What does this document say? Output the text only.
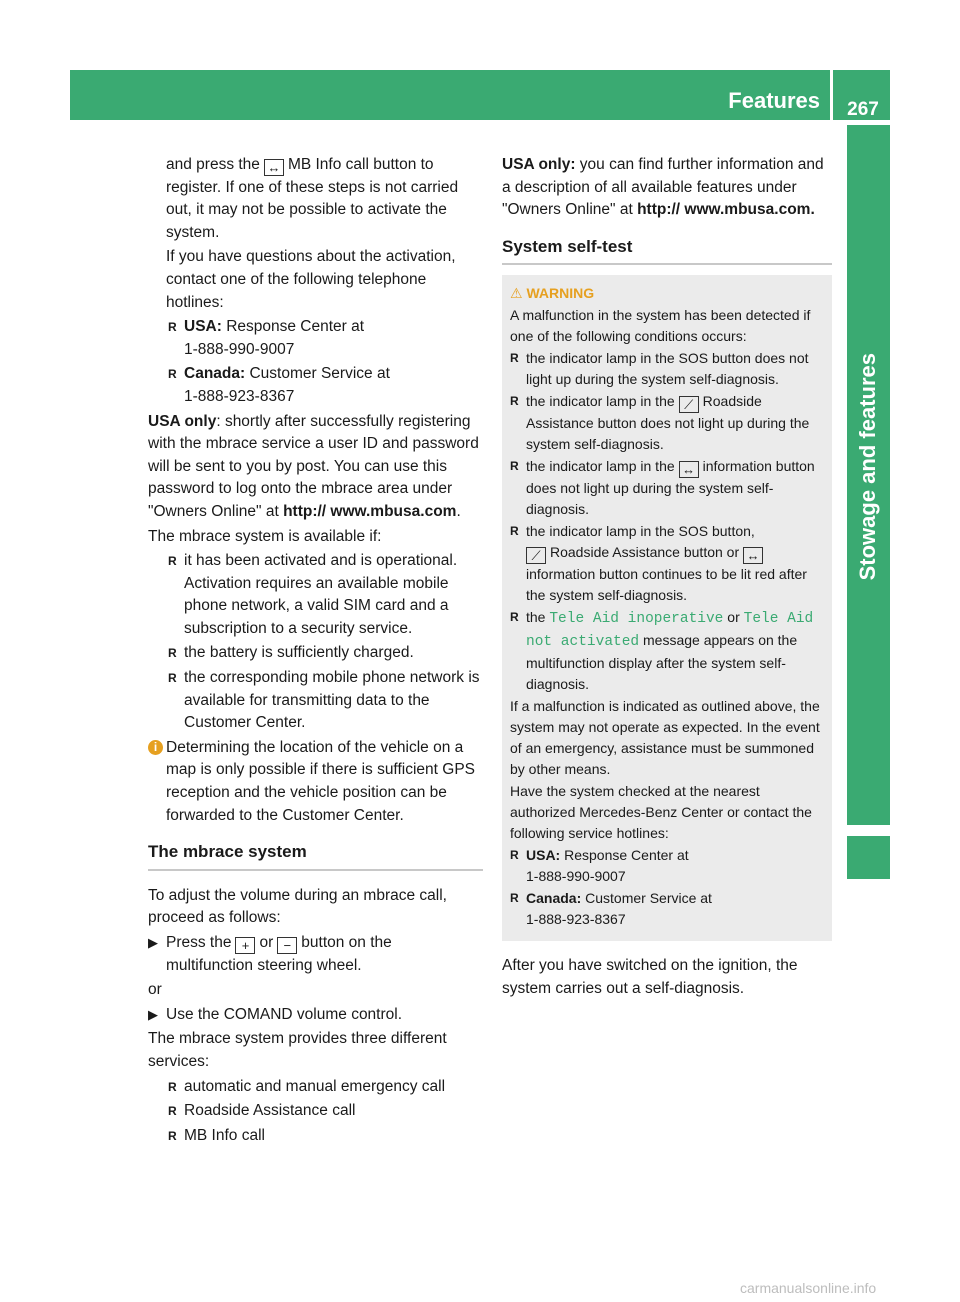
Features	267
Stowage and features

and press the ↔ MB Info call button to register. If one of these steps is not carried out, it may not be possible to activate the system.

If you have questions about the activation, contact one of the following telephone hotlines:

R USA: Response Center at
1-888-990-9007

R Canada: Customer Service at
1-888-923-8367

USA only: shortly after successfully registering with the mbrace service a user ID and password will be sent to you by post. You can use this password to log onto the mbrace area under "Owners Online" at http:// www.mbusa.com.

The mbrace system is available if:

R it has been activated and is operational. Activation requires an available mobile phone network, a valid SIM card and a subscription to a security service.

R the battery is sufficiently charged.

R the corresponding mobile phone network is available for transmitting data to the Customer Center.

i Determining the location of the vehicle on a map is only possible if there is sufficient GPS reception and the vehicle position can be forwarded to the Customer Center.

The mbrace system

To adjust the volume during an mbrace call, proceed as follows:

▶ Press the + or − button on the multifunction steering wheel.

or

▶ Use the COMAND volume control.

The mbrace system provides three different services:

R automatic and manual emergency call

R Roadside Assistance call

R MB Info call

USA only: you can find further information and a description of all available features under "Owners Online" at http:// www.mbusa.com.

System self-test

⚠ WARNING

A malfunction in the system has been detected if one of the following conditions occurs:

R the indicator lamp in the SOS button does not light up during the system self-diagnosis.

R the indicator lamp in the ⟋ Roadside Assistance button does not light up during the system self-diagnosis.

R the indicator lamp in the ↔ information button does not light up during the system self-diagnosis.

R the indicator lamp in the SOS button,
⟋ Roadside Assistance button or ↔information button continues to be lit red after the system self-diagnosis.

R the Tele Aid inoperative or Tele Aid not activated message appears on the multifunction display after the system self-diagnosis.

If a malfunction is indicated as outlined above, the system may not operate as expected. In the event of an emergency, assistance must be summoned by other means.

Have the system checked at the nearest authorized Mercedes-Benz Center or contact the following service hotlines:

R USA: Response Center at
1-888-990-9007

R Canada: Customer Service at
1-888-923-8367

After you have switched on the ignition, the system carries out a self-diagnosis.

carmanualsonline.info
